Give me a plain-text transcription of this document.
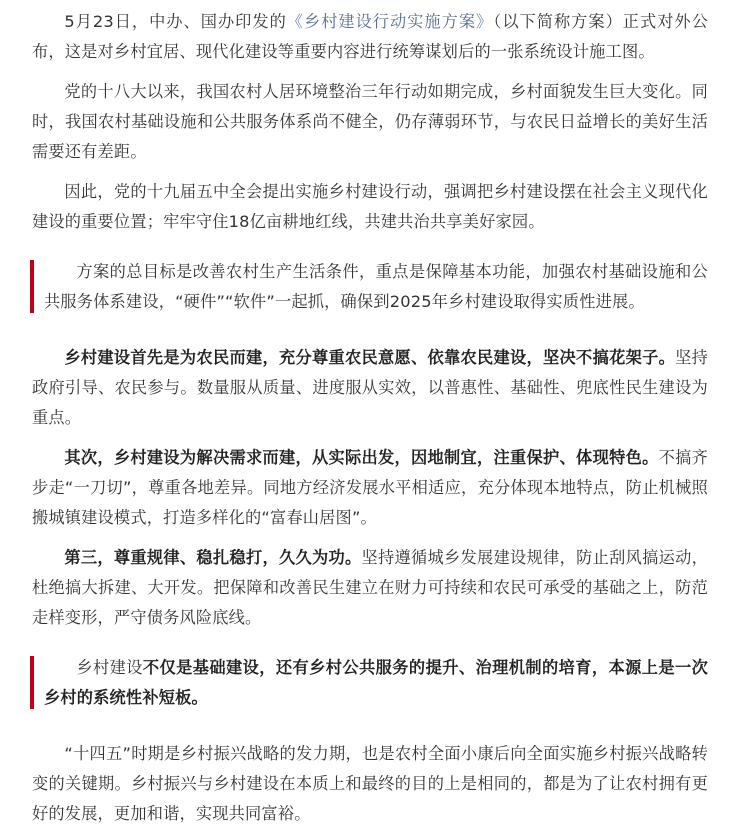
5月23日，中办、国办印发的《乡村建设行动实施方案》（以下简称方案）正式对外公布，这是对乡村宜居、现代化建设等重要内容进行统筹谋划后的一张系统设计施工图。

党的十八大以来，我国农村人居环境整治三年行动如期完成，乡村面貌发生巨大变化。同时，我国农村基础设施和公共服务体系尚不健全，仍存薄弱环节，与农民日益增长的美好生活需要还有差距。

因此，党的十九届五中全会提出实施乡村建设行动，强调把乡村建设摆在社会主义现代化建设的重要位置；牢牢守住18亿亩耕地红线，共建共治共享美好家园。

方案的总目标是改善农村生产生活条件，重点是保障基本功能，加强农村基础设施和公共服务体系建设，“硬件”“软件”一起抓，确保到2025年乡村建设取得实质性进展。

乡村建设首先是为农民而建，充分尊重农民意愿、依靠农民建设，坚决不搞花架子。坚持政府引导、农民参与。数量服从质量、进度服从实效，以普惠性、基础性、兜底性民生建设为重点。

其次，乡村建设为解决需求而建，从实际出发，因地制宜，注重保护、体现特色。不搞齐步走“一刀切”，尊重各地差异。同地方经济发展水平相适应，充分体现本地特点，防止机械照搬城镇建设模式，打造多样化的“富春山居图”。

第三，尊重规律、稳扎稳打，久久为功。坚持遵循城乡发展建设规律，防止刮风搞运动，杜绝搞大拆建、大开发。把保障和改善民生建立在财力可持续和农民可承受的基础之上，防范走样变形，严守债务风险底线。

乡村建设不仅是基础建设，还有乡村公共服务的提升、治理机制的培育，本源上是一次乡村的系统性补短板。

“十四五”时期是乡村振兴战略的发力期，也是农村全面小康后向全面实施乡村振兴战略转变的关键期。乡村振兴与乡村建设在本质上和最终的目的上是相同的，都是为了让农村拥有更好的发展，更加和谐，实现共同富裕。
